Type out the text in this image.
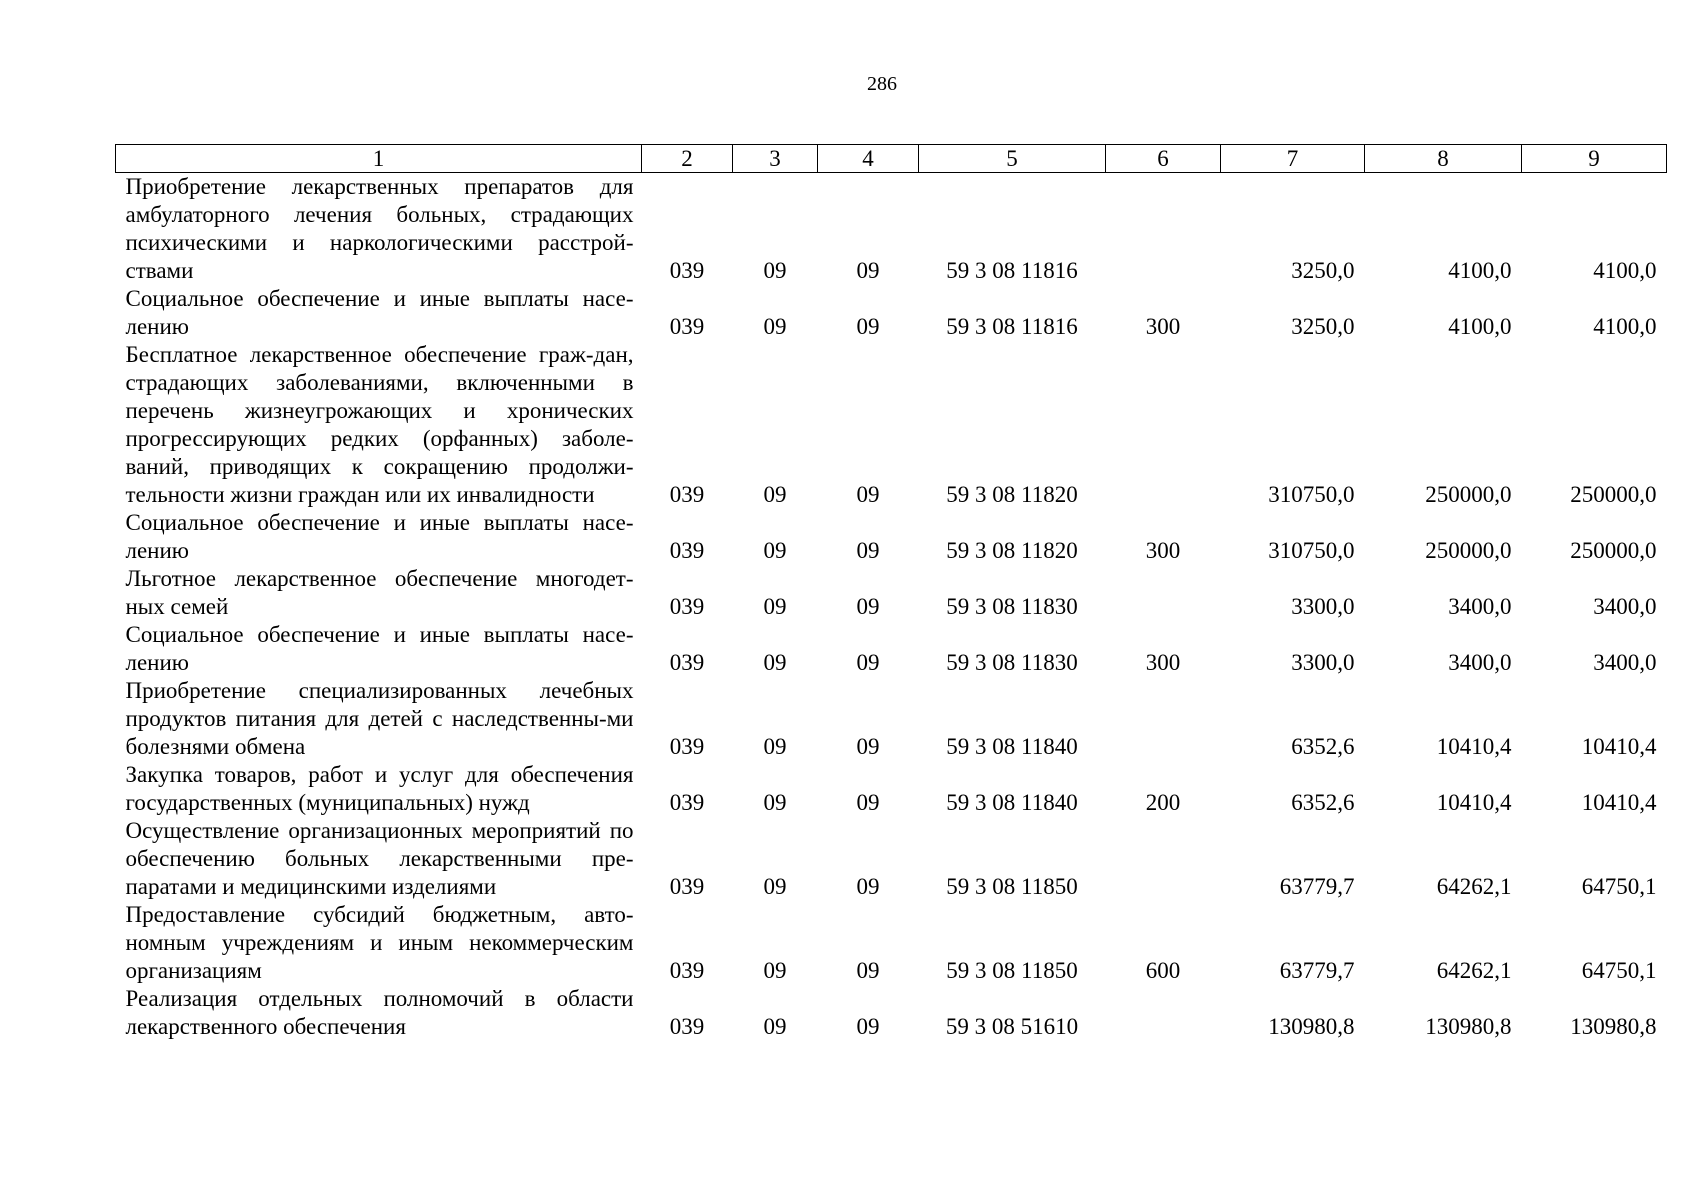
286
1	2	3	4	5	6	7	8	9
Приобретение лекарственных препаратов для амбулаторного лечения больных, страдающих психическими и наркологическими расстрой-ствами	039	09	09	59 3 08 11816		3250,0	4100,0	4100,0
Социальное обеспечение и иные выплаты насе-лению	039	09	09	59 3 08 11816	300	3250,0	4100,0	4100,0
Бесплатное лекарственное обеспечение граж-дан, страдающих заболеваниями, включенными в перечень жизнеугрожающих и хронических прогрессирующих редких (орфанных) заболе-ваний, приводящих к сокращению продолжи-тельности жизни граждан или их инвалидности	039	09	09	59 3 08 11820		310750,0	250000,0	250000,0
Социальное обеспечение и иные выплаты насе-лению	039	09	09	59 3 08 11820	300	310750,0	250000,0	250000,0
Льготное лекарственное обеспечение многодет-ных семей	039	09	09	59 3 08 11830		3300,0	3400,0	3400,0
Социальное обеспечение и иные выплаты насе-лению	039	09	09	59 3 08 11830	300	3300,0	3400,0	3400,0
Приобретение специализированных лечебных продуктов питания для детей с наследственны-ми болезнями обмена	039	09	09	59 3 08 11840		6352,6	10410,4	10410,4
Закупка товаров, работ и услуг для обеспечения государственных (муниципальных) нужд	039	09	09	59 3 08 11840	200	6352,6	10410,4	10410,4
Осуществление организационных мероприятий по обеспечению больных лекарственными пре-паратами и медицинскими изделиями	039	09	09	59 3 08 11850		63779,7	64262,1	64750,1
Предоставление субсидий бюджетным, авто-номным учреждениям и иным некоммерческим организациям	039	09	09	59 3 08 11850	600	63779,7	64262,1	64750,1
Реализация отдельных полномочий в области лекарственного обеспечения	039	09	09	59 3 08 51610		130980,8	130980,8	130980,8
